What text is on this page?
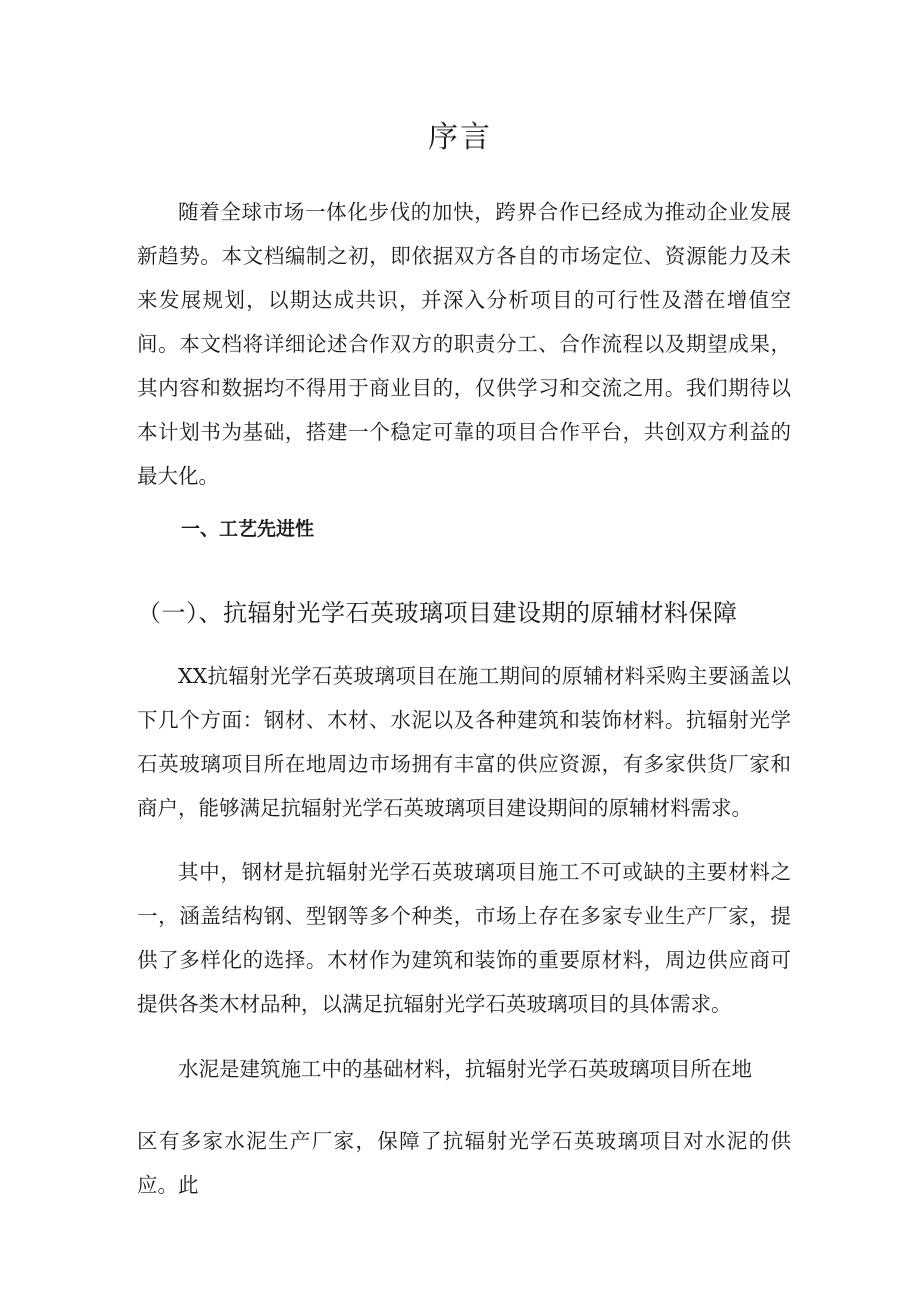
序言

随着全球市场一体化步伐的加快，跨界合作已经成为推动企业发展新趋势。本文档编制之初，即依据双方各自的市场定位、资源能力及未来发展规划，以期达成共识，并深入分析项目的可行性及潜在增值空间。本文档将详细论述合作双方的职责分工、合作流程以及期望成果，其内容和数据均不得用于商业目的，仅供学习和交流之用。我们期待以本计划书为基础，搭建一个稳定可靠的项目合作平台，共创双方利益的最大化。

一、工艺先进性
（一）、抗辐射光学石英玻璃项目建设期的原辅材料保障

XX抗辐射光学石英玻璃项目在施工期间的原辅材料采购主要涵盖以下几个方面：钢材、木材、水泥以及各种建筑和装饰材料。抗辐射光学石英玻璃项目所在地周边市场拥有丰富的供应资源，有多家供货厂家和商户，能够满足抗辐射光学石英玻璃项目建设期间的原辅材料需求。

其中，钢材是抗辐射光学石英玻璃项目施工不可或缺的主要材料之一，涵盖结构钢、型钢等多个种类，市场上存在多家专业生产厂家，提供了多样化的选择。木材作为建筑和装饰的重要原材料，周边供应商可提供各类木材品种，以满足抗辐射光学石英玻璃项目的具体需求。

水泥是建筑施工中的基础材料，抗辐射光学石英玻璃项目所在地

区有多家水泥生产厂家，保障了抗辐射光学石英玻璃项目对水泥的供应。此
